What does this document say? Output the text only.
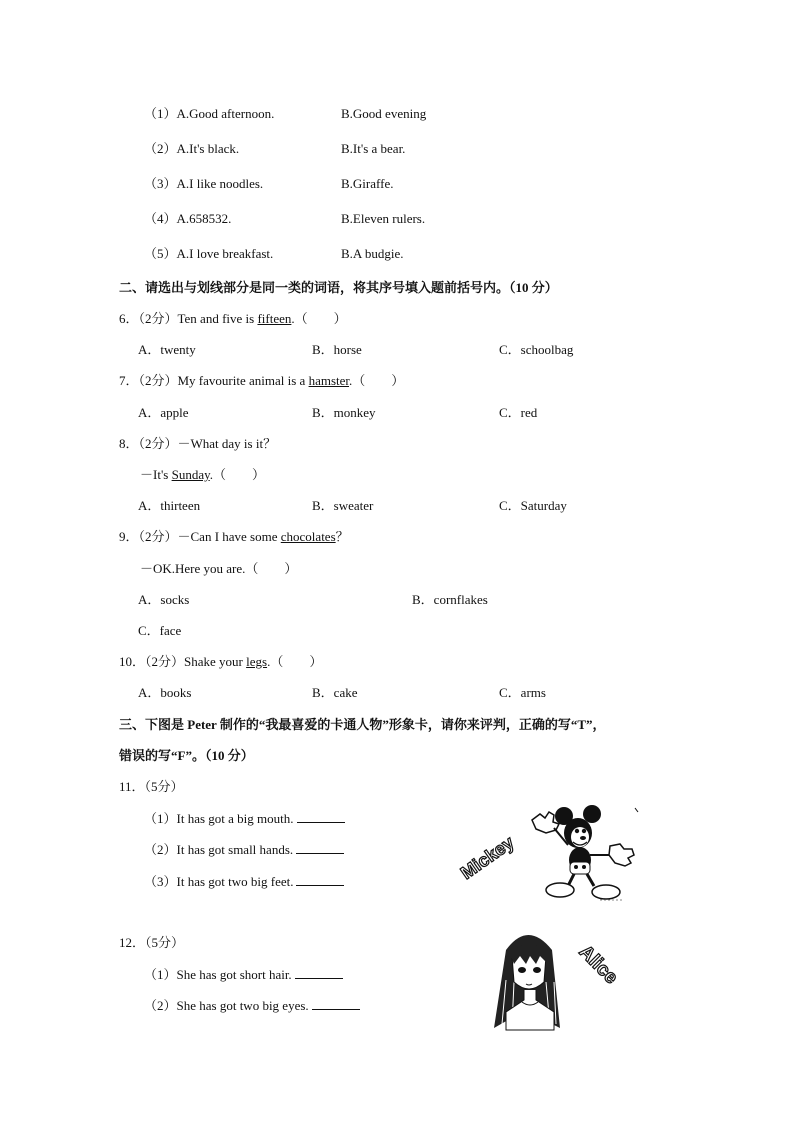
（1）A.Good afternoon.	B.Good evening
（2）A.It's black.	B.It's a bear.
（3）A.I like noodles.	B.Giraffe.
（4）A.658532.	B.Eleven rulers.
（5）A.I love breakfast.	B.A budgie.
二、请选出与划线部分是同一类的词语，将其序号填入题前括号内。（10 分）
6．（2分）Ten and five is fifteen.（　　）
A．twenty	B．horse	C．schoolbag
7．（2分）My favourite animal is a hamster.（　　）
A．apple	B．monkey	C．red
8．（2分）－What day is it？
－It's Sunday.（　　）
A．thirteen	B．sweater	C．Saturday
9．（2分）－Can I have some chocolates？
－OK.Here you are.（　　）
A．socks	B．cornflakes
C．face
10．（2分）Shake your legs.（　　）
A．books	B．cake	C．arms
三、下图是 Peter 制作的“我最喜爱的卡通人物”形象卡，请你来评判，正确的写“T”，
错误的写“F”。（10 分）
11．（5分）
（1）It has got a big mouth.
（2）It has got small hands.
（3）It has got two big feet.	Mickey
12．（5分）
（1）She has got short hair.
（2）She has got two big eyes.
Alice
